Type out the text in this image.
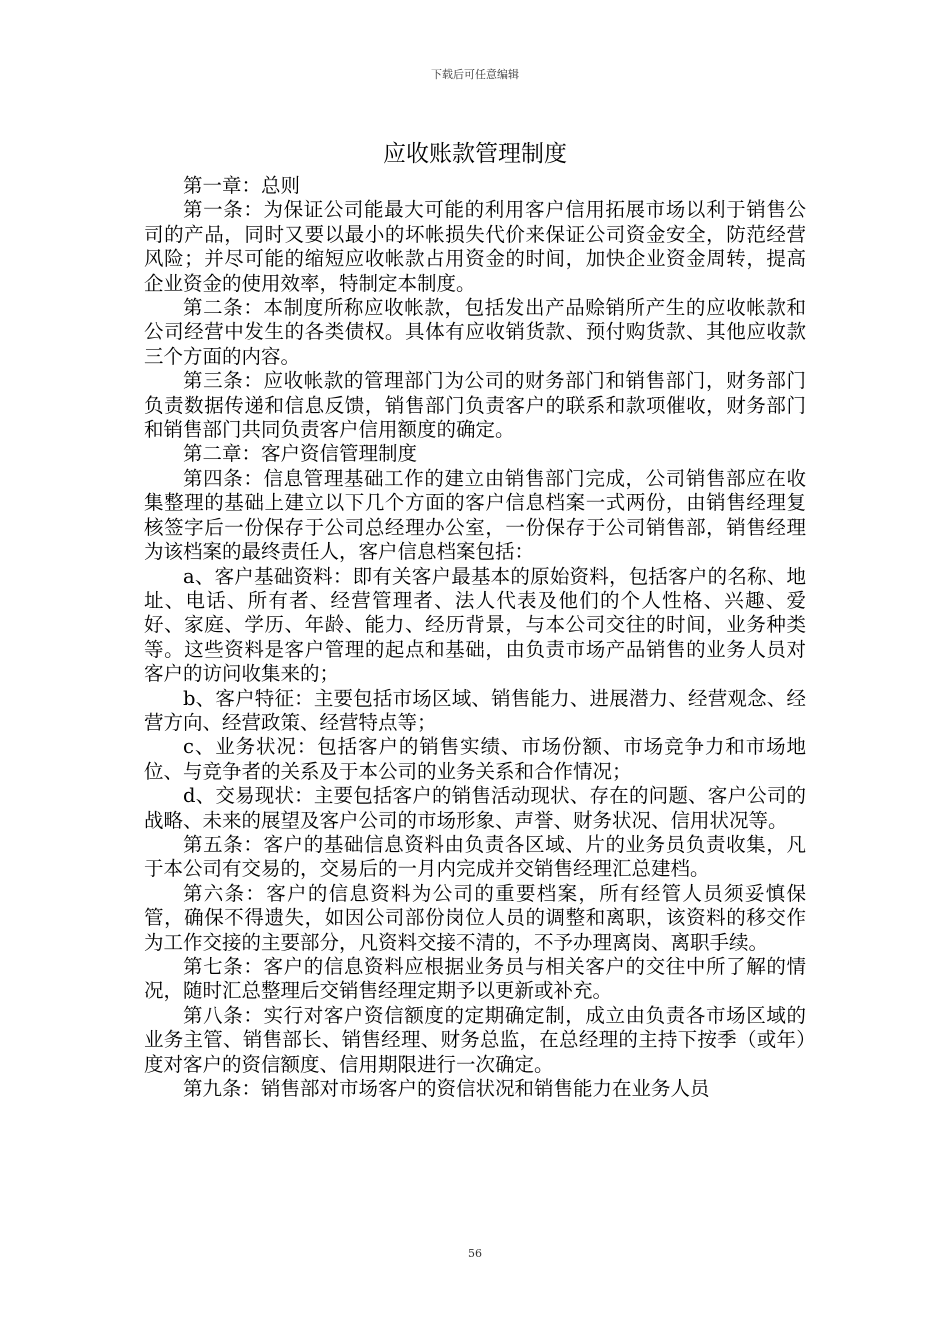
下载后可任意编辑
应收账款管理制度

第一章：总则

第一条：为保证公司能最大可能的利用客户信用拓展市场以利于销售公司的产品，同时又要以最小的坏帐损失代价来保证公司资金安全，防范经营风险；并尽可能的缩短应收帐款占用资金的时间，加快企业资金周转，提高企业资金的使用效率，特制定本制度。

第二条：本制度所称应收帐款，包括发出产品赊销所产生的应收帐款和公司经营中发生的各类债权。具体有应收销货款、预付购货款、其他应收款三个方面的内容。

第三条：应收帐款的管理部门为公司的财务部门和销售部门，财务部门负责数据传递和信息反馈，销售部门负责客户的联系和款项催收，财务部门和销售部门共同负责客户信用额度的确定。

第二章：客户资信管理制度

第四条：信息管理基础工作的建立由销售部门完成，公司销售部应在收集整理的基础上建立以下几个方面的客户信息档案一式两份，由销售经理复核签字后一份保存于公司总经理办公室，一份保存于公司销售部，销售经理为该档案的最终责任人，客户信息档案包括：

a、客户基础资料：即有关客户最基本的原始资料，包括客户的名称、地址、电话、所有者、经营管理者、法人代表及他们的个人性格、兴趣、爱好、家庭、学历、年龄、能力、经历背景，与本公司交往的时间，业务种类等。这些资料是客户管理的起点和基础，由负责市场产品销售的业务人员对客户的访问收集来的；

b、客户特征：主要包括市场区域、销售能力、进展潜力、经营观念、经营方向、经营政策、经营特点等；

c、业务状况：包括客户的销售实绩、市场份额、市场竞争力和市场地位、与竞争者的关系及于本公司的业务关系和合作情况；

d、交易现状：主要包括客户的销售活动现状、存在的问题、客户公司的战略、未来的展望及客户公司的市场形象、声誉、财务状况、信用状况等。

第五条：客户的基础信息资料由负责各区域、片的业务员负责收集，凡于本公司有交易的，交易后的一月内完成并交销售经理汇总建档。

第六条：客户的信息资料为公司的重要档案，所有经管人员须妥慎保管，确保不得遗失，如因公司部份岗位人员的调整和离职，该资料的移交作为工作交接的主要部分，凡资料交接不清的，不予办理离岗、离职手续。

第七条：客户的信息资料应根据业务员与相关客户的交往中所了解的情况，随时汇总整理后交销售经理定期予以更新或补充。

第八条：实行对客户资信额度的定期确定制，成立由负责各市场区域的业务主管、销售部长、销售经理、财务总监，在总经理的主持下按季（或年）度对客户的资信额度、信用期限进行一次确定。

第九条：销售部对市场客户的资信状况和销售能力在业务人员

56
